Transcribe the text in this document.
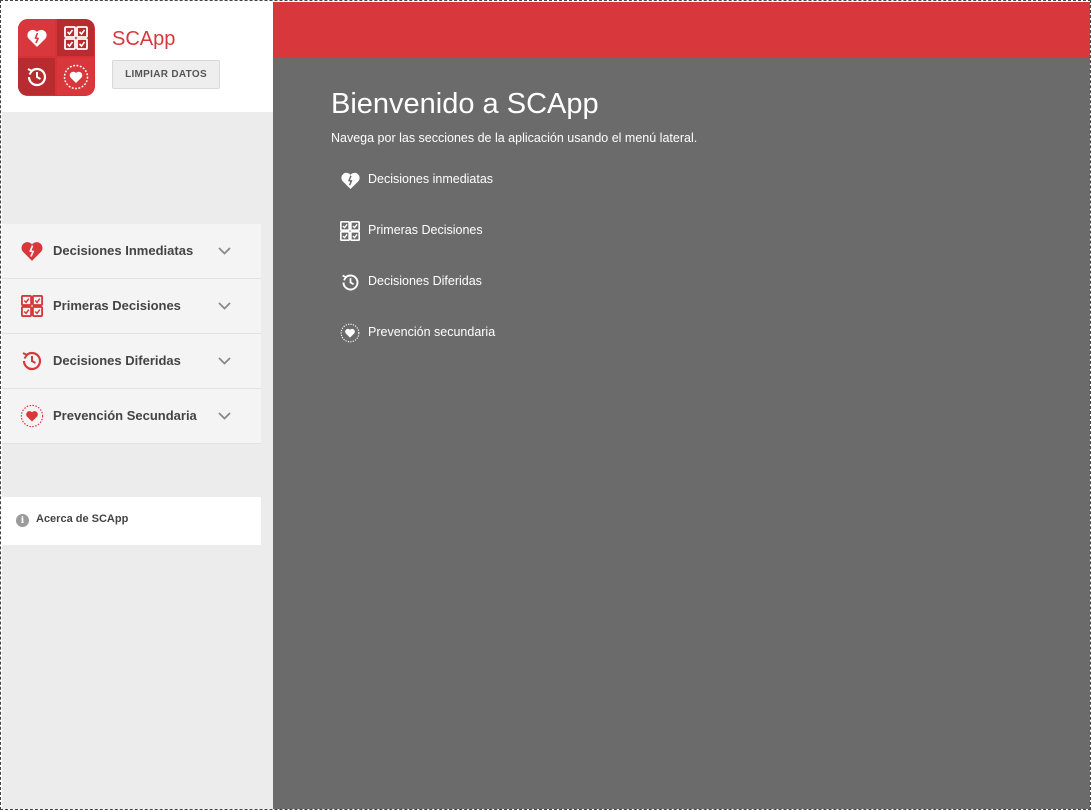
SCApp
LIMPIAR DATOS
Decisiones Inmediatas
Primeras Decisiones
Decisiones Diferidas
Prevención Secundaria
i	Acerca de SCApp
Bienvenido a SCApp

Navega por las secciones de la aplicación usando el menú lateral.

Decisiones inmediatas
Primeras Decisiones
Decisiones Diferidas
Prevención secundaria
